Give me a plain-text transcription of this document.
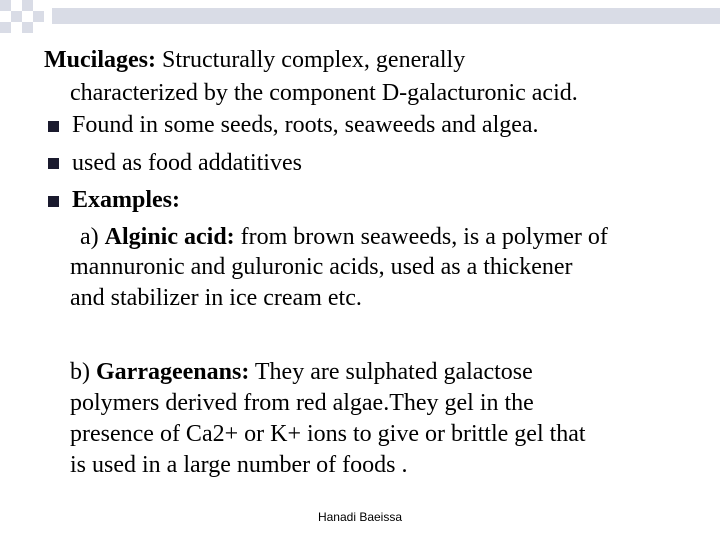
Mucilages: Structurally complex, generally
characterized by the component D-galacturonic acid.
Found in some seeds, roots, seaweeds and algea.
used as food addatitives
Examples:
a) Alginic acid: from brown seaweeds, is a polymer of
mannuronic and guluronic acids, used as a thickener
and stabilizer in ice cream etc.
b) Garrageenans: They are sulphated galactose
polymers derived from red algae.They gel in the
presence of Ca2+ or K+ ions to give or brittle gel that
is used in a large number of foods .
Hanadi Baeissa
